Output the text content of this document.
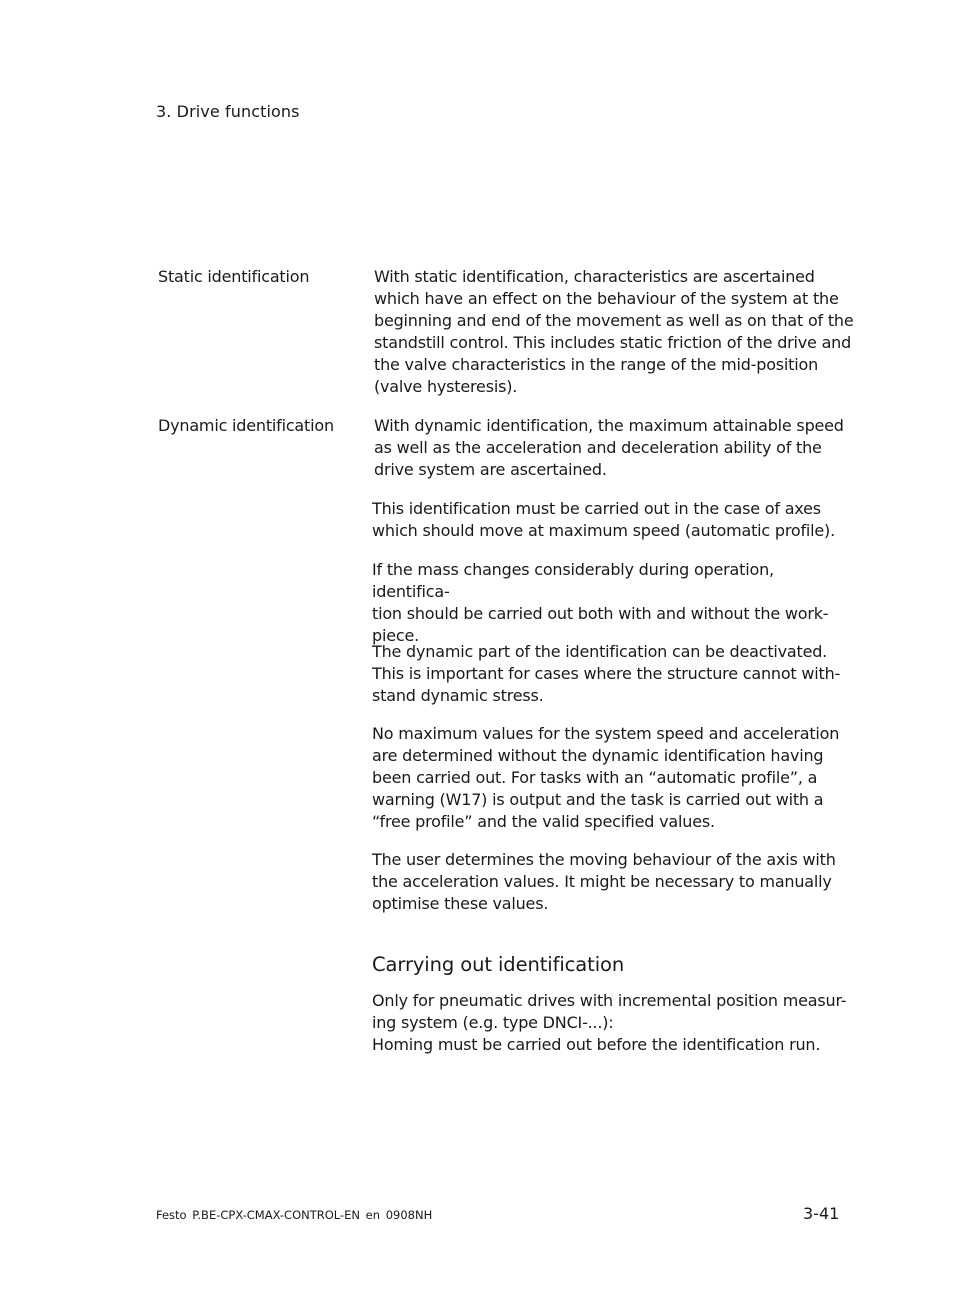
3. Drive functions
Static identification	With static identification, characteristics are ascertained
which have an effect on the behaviour of the system at the
beginning and end of the movement as well as on that of the
standstill control. This includes static friction of the drive and
the valve characteristics in the range of the mid-position
(valve hysteresis).
Dynamic identification	With dynamic identification, the maximum attainable speed
as well as the acceleration and deceleration ability of the
drive system are ascertained.
This identification must be carried out in the case of axes
which should move at maximum speed (automatic profile).
If the mass changes considerably during operation, identifica-
tion should be carried out both with and without the work-
piece.
The dynamic part of the identification can be deactivated.
This is important for cases where the structure cannot with-
stand dynamic stress.
No maximum values for the system speed and acceleration
are determined without the dynamic identification having
been carried out. For tasks with an “automatic profile”, a
warning (W17) is output and the task is carried out with a
“free profile” and the valid specified values.
The user determines the moving behaviour of the axis with
the acceleration values. It might be necessary to manually
optimise these values.
Carrying out identification
Only for pneumatic drives with incremental position measur-
ing system (e.g. type DNCI-...):
Homing must be carried out before the identification run.
Festo P.BE-CPX-CMAX-CONTROL-EN en 0908NH	3-41
